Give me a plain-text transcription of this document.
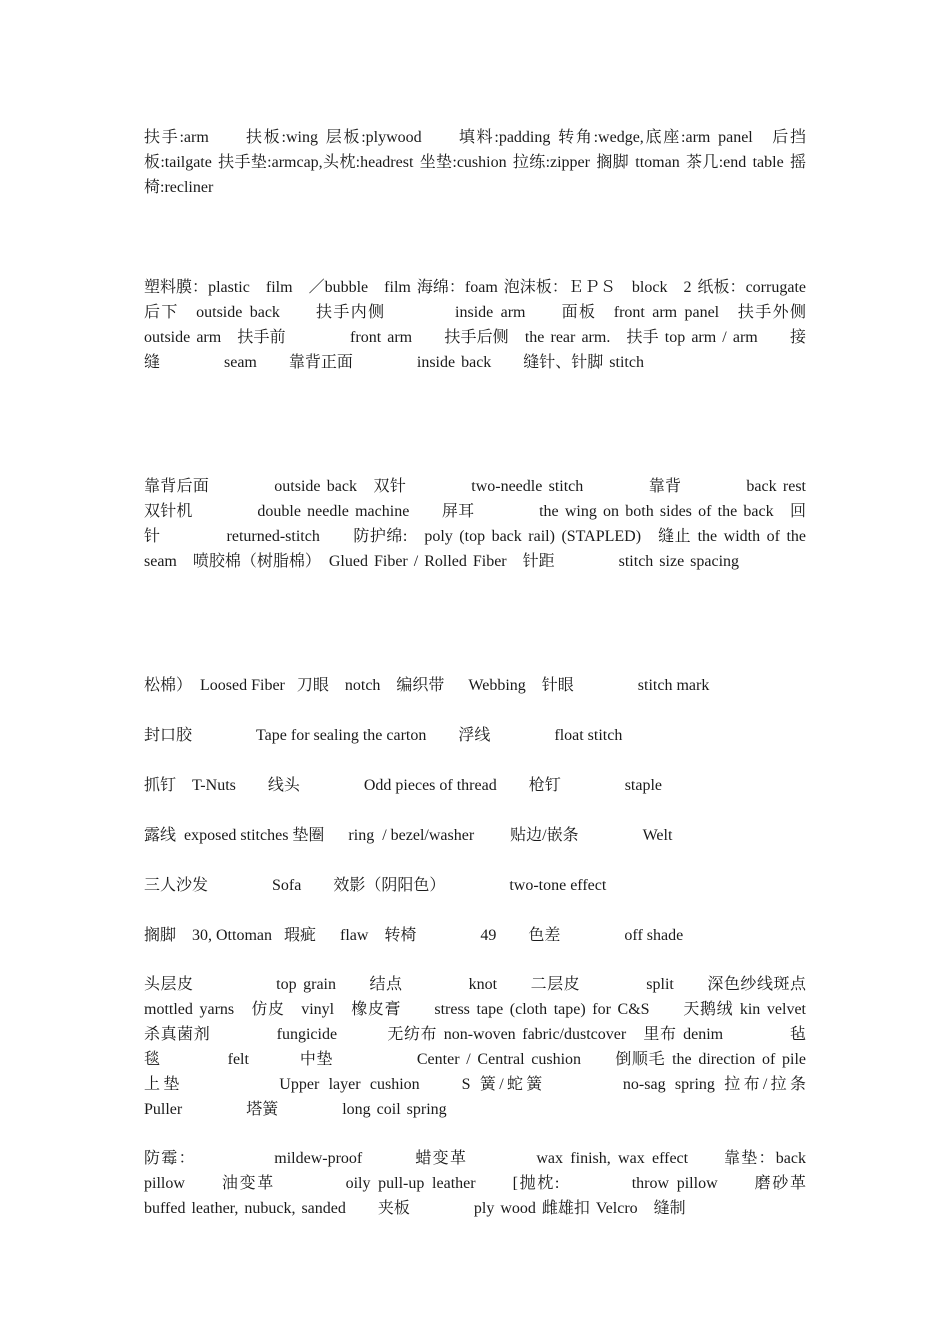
扶手:arm　　扶板:wing 层板:plywood　　填料:padding 转角:wedge,底座:arm panel　后挡板:tailgate 扶手垫:armcap,头枕:headrest 坐垫:cushion 拉练:zipper 搁脚 ttoman 茶几:end table 摇椅:recliner
塑料膜：plastic　film　／bubble　film 海绵：foam 泡沫板：ＥＰＳ　block　2 纸板：corrugate 后下　outside back　　扶手内侧　　　　inside arm　　面板　front arm panel　扶手外侧　　　　outside arm　扶手前　　　　front arm　　扶手后侧　the rear arm.　扶手 top arm / arm　　接缝　　　　seam　　靠背正面　　　　inside back　　缝针、针脚 stitch
靠背后面　　　　outside back　双针　　　　two-needle stitch　　　　靠背　　　　back rest　双针机　　　　double needle machine　　屏耳　　　　the wing on both sides of the back　回针　　　　returned-stitch　　防护绵:　poly (top back rail) (STAPLED)　缝止 the width of the seam　喷胶棉（树脂棉）　Glued Fiber / Rolled Fiber　针距　　　　stitch size spacing
松棉）  Loosed Fiber   刀眼    notch    编织带      Webbing    针眼                stitch mark
封口胶                Tape for sealing the carton        浮线                float stitch
抓钉    T-Nuts        线头                Odd pieces of thread        枪钉                staple
露线  exposed stitches 垫圈      ring  / bezel/washer         贴边/嵌条                Welt
三人沙发                Sofa        效影（阴阳色）                two-tone effect
搁脚    30, Ottoman   瑕疵      flaw    转椅                49        色差                off shade
头层皮　　　　　top grain　　结点　　　　knot　　二层皮　　　　split　　深色纱线斑点　　　　mottled yarns　仿皮　vinyl　橡皮膏　　stress tape (cloth tape) for C&S　　天鹅绒 kin velvet　　杀真菌剂　　　　fungicide　　　无纺布 non-woven fabric/dustcover　里布 denim　　　　毡毯　　　　felt　　　中垫　　　　　Center / Central cushion　　倒顺毛 the direction of pile　　上垫　　　　　Upper layer cushion　　S 簧/蛇簧　　　　no-sag spring 拉布/拉条　　　　Puller　　　　塔簧　　　　long coil spring
防霉：　　　　　mildew-proof　　　蜡变革　　　　wax finish, wax effect　　靠垫：back pillow　　油变革　　　　oily pull-up leather　　[抛枕:　　　　throw pillow　　磨砂革　　　　buffed leather, nubuck, sanded　　夹板　　　　ply wood 雌雄扣 Velcro　缝制
